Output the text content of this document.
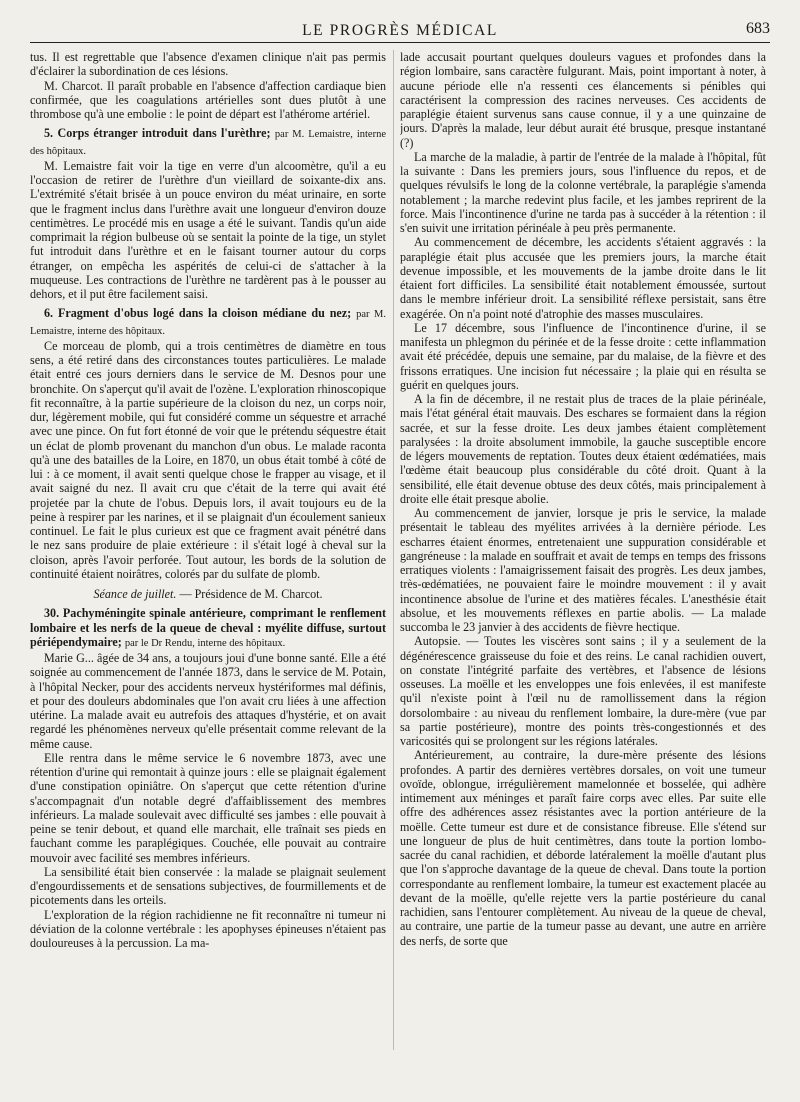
LE PROGRÈS MÉDICAL	683

tus. Il est regrettable que l'absence d'examen clinique n'ait pas permis d'éclairer la subordination de ces lésions.

M. Charcot. Il paraît probable en l'absence d'affection cardiaque bien confirmée, que les coagulations artérielles sont dues plutôt à une thrombose qu'à une embolie : le point de départ est l'athérome artériel.

5. Corps étranger introduit dans l'urèthre; par M. Lemaistre, interne des hôpitaux.

M. Lemaistre fait voir la tige en verre d'un alcoomètre, qu'il a eu l'occasion de retirer de l'urèthre d'un vieillard de soixante-dix ans. L'extrémité s'était brisée à un pouce environ du méat urinaire, en sorte que le fragment inclus dans l'urèthre avait une longueur d'environ douze centimètres. Le procédé mis en usage a été le suivant. Tandis qu'un aide comprimait la région bulbeuse où se sentait la pointe de la tige, un stylet fut introduit dans l'urèthre et en le faisant tourner autour du corps étranger, on empêcha les aspérités de celui-ci de s'attacher à la muqueuse. Les contractions de l'urèthre ne tardèrent pas à le pousser au dehors, et il put être facilement saisi.

6. Fragment d'obus logé dans la cloison médiane du nez; par M. Lemaistre, interne des hôpitaux.

Ce morceau de plomb, qui a trois centimètres de diamètre en tous sens, a été retiré dans des circonstances toutes particulières. Le malade était entré ces jours derniers dans le service de M. Desnos pour une bronchite. On s'aperçut qu'il avait de l'ozène. L'exploration rhinoscopique fit reconnaître, à la partie supérieure de la cloison du nez, un corps noir, dur, légèrement mobile, qui fut considéré comme un séquestre et arraché avec une pince. On fut fort étonné de voir que le prétendu séquestre était un éclat de plomb provenant du manchon d'un obus. Le malade raconta qu'à une des batailles de la Loire, en 1870, un obus était tombé à côté de lui : à ce moment, il avait senti quelque chose le frapper au visage, et il avait saigné du nez. Il avait cru que c'était de la terre qui avait été projetée par la chute de l'obus. Depuis lors, il avait toujours eu de la peine à respirer par les narines, et il se plaignait d'un écoulement sanieux continuel. Le fait le plus curieux est que ce fragment avait pénétré dans le nez sans produire de plaie extérieure : il s'était logé à cheval sur la cloison, après l'avoir perforée. Tout autour, les bords de la solution de continuité étaient noirâtres, colorés par du sulfate de plomb.

Séance de juillet. — Présidence de M. Charcot.

30. Pachyméningite spinale antérieure, comprimant le renflement lombaire et les nerfs de la queue de cheval : myélite diffuse, surtout périépendymaire; par le Dr Rendu, interne des hôpitaux.

Marie G... âgée de 34 ans, a toujours joui d'une bonne santé. Elle a été soignée au commencement de l'année 1873, dans le service de M. Potain, à l'hôpital Necker, pour des accidents nerveux hystériformes mal définis, et pour des douleurs abdominales que l'on avait cru liées à une affection utérine. La malade avait eu autrefois des attaques d'hystérie, et on avait regardé les phénomènes nerveux qu'elle présentait comme relevant de la même cause.

Elle rentra dans le même service le 6 novembre 1873, avec une rétention d'urine qui remontait à quinze jours : elle se plaignait également d'une constipation opiniâtre. On s'aperçut que cette rétention d'urine s'accompagnait d'un notable degré d'affaiblissement des membres inférieurs. La malade soulevait avec difficulté ses jambes : elle pouvait à peine se tenir debout, et quand elle marchait, elle traînait ses pieds en fauchant comme les paraplégiques. Couchée, elle pouvait au contraire mouvoir avec facilité ses membres inférieurs.

La sensibilité était bien conservée : la malade se plaignait seulement d'engourdissements et de sensations subjectives, de fourmillements et de picotements dans les orteils.

L'exploration de la région rachidienne ne fit reconnaître ni tumeur ni déviation de la colonne vertébrale : les apophyses épineuses n'étaient pas douloureuses à la percussion. La ma-

lade accusait pourtant quelques douleurs vagues et profondes dans la région lombaire, sans caractère fulgurant. Mais, point important à noter, à aucune période elle n'a ressenti ces élancements si pénibles qui caractérisent la compression des racines nerveuses. Ces accidents de paraplégie étaient survenus sans cause connue, il y a une quinzaine de jours. D'après la malade, leur début aurait été brusque, presque instantané (?)

La marche de la maladie, à partir de l'entrée de la malade à l'hôpital, fût la suivante : Dans les premiers jours, sous l'influence du repos, et de quelques révulsifs le long de la colonne vertébrale, la paraplégie s'amenda notablement ; la marche redevint plus facile, et les jambes reprirent de la force. Mais l'incontinence d'urine ne tarda pas à succéder à la rétention : il s'en suivit une irritation périnéale à peu près permanente.

Au commencement de décembre, les accidents s'étaient aggravés : la paraplégie était plus accusée que les premiers jours, la marche était devenue impossible, et les mouvements de la jambe droite dans le lit étaient fort difficiles. La sensibilité était notablement émoussée, surtout dans le membre inférieur droit. La sensibilité réflexe persistait, sans être exagérée. On n'a point noté d'atrophie des masses musculaires.

Le 17 décembre, sous l'influence de l'incontinence d'urine, il se manifesta un phlegmon du périnée et de la fesse droite : cette inflammation avait été précédée, depuis une semaine, par du malaise, de la fièvre et des frissons erratiques. Une incision fut nécessaire ; la plaie qui en résulta se guérit en quelques jours.

A la fin de décembre, il ne restait plus de traces de la plaie périnéale, mais l'état général était mauvais. Des eschares se formaient dans la région sacrée, et sur la fesse droite. Les deux jambes étaient complètement paralysées : la droite absolument immobile, la gauche susceptible encore de légers mouvements de reptation. Toutes deux étaient œdématiées, mais l'œdème était beaucoup plus considérable du côté droit. Quant à la sensibilité, elle était devenue obtuse des deux côtés, mais principalement à droite elle était presque abolie.

Au commencement de janvier, lorsque je pris le service, la malade présentait le tableau des myélites arrivées à la dernière période. Les escharres étaient énormes, entretenaient une suppuration considérable et gangréneuse : la malade en souffrait et avait de temps en temps des frissons erratiques violents : l'amaigrissement faisait des progrès. Les deux jambes, très-œdématiées, ne pouvaient faire le moindre mouvement : il y avait incontinence absolue de l'urine et des matières fécales. L'anesthésie était absolue, et les mouvements réflexes en partie abolis. — La malade succomba le 23 janvier à des accidents de fièvre hectique.

Autopsie. — Toutes les viscères sont sains ; il y a seulement de la dégénérescence graisseuse du foie et des reins. Le canal rachidien ouvert, on constate l'intégrité parfaite des vertèbres, et l'absence de lésions osseuses. La moëlle et les enveloppes une fois enlevées, il est manifeste qu'il n'existe point à l'œil nu de ramollissement dans la région dorsolombaire : au niveau du renflement lombaire, la dure-mère (vue par sa partie postérieure), montre des points très-congestionnés et des varicosités qui se prolongent sur les régions latérales.

Antérieurement, au contraire, la dure-mère présente des lésions profondes. A partir des dernières vertèbres dorsales, on voit une tumeur ovoïde, oblongue, irrégulièrement mamelonnée et bosselée, qui adhère intimement aux méninges et paraît faire corps avec elles. Par suite elle offre des adhérences assez résistantes avec la portion antérieure de la moëlle. Cette tumeur est dure et de consistance fibreuse. Elle s'étend sur une longueur de plus de huit centimètres, dans toute la portion lombo-sacrée du canal rachidien, et déborde latéralement la moëlle d'autant plus que l'on s'approche davantage de la queue de cheval. Dans toute la portion correspondante au renflement lombaire, la tumeur est exactement placée au devant de la moëlle, qu'elle rejette vers la partie postérieure du canal rachidien, sans l'entourer complètement. Au niveau de la queue de cheval, au contraire, une partie de la tumeur passe au devant, une autre en arrière des nerfs, de sorte que
